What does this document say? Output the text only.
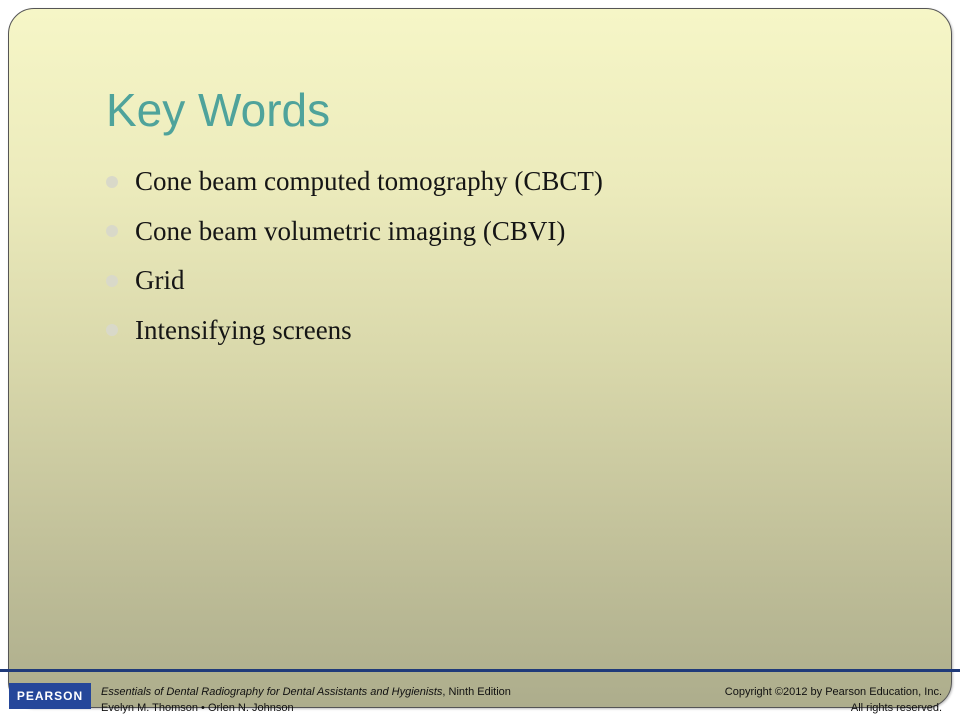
Key Words
Cone beam computed tomography (CBCT)
Cone beam volumetric imaging (CBVI)
Grid
Intensifying screens
PEARSON Essentials of Dental Radiography for Dental Assistants and Hygienists, Ninth Edition
Evelyn M. Thomson • Orlen N. Johnson
Copyright ©2012 by Pearson Education, Inc.
All rights reserved.
